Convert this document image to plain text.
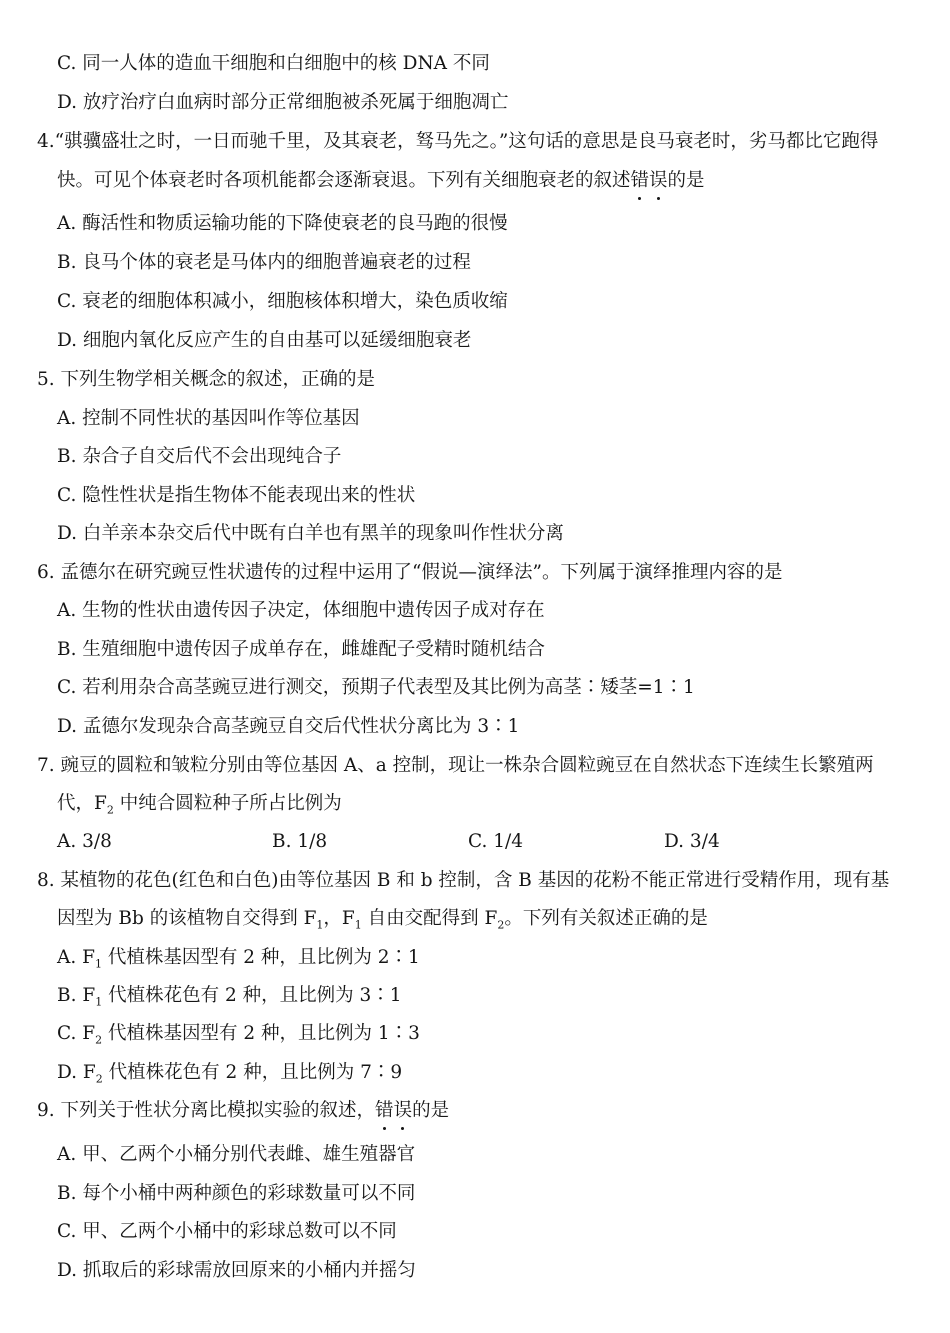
C. 同一人体的造血干细胞和白细胞中的核 DNA 不同
D. 放疗治疗白血病时部分正常细胞被杀死属于细胞凋亡
4.“骐骥盛壮之时，一日而驰千里，及其衰老，驽马先之。”这句话的意思是良马衰老时，劣马都比它跑得
快。可见个体衰老时各项机能都会逐渐衰退。下列有关细胞衰老的叙述错误的是
A. 酶活性和物质运输功能的下降使衰老的良马跑的很慢
B. 良马个体的衰老是马体内的细胞普遍衰老的过程
C. 衰老的细胞体积减小，细胞核体积增大，染色质收缩
D. 细胞内氧化反应产生的自由基可以延缓细胞衰老
5. 下列生物学相关概念的叙述，正确的是
A. 控制不同性状的基因叫作等位基因
B. 杂合子自交后代不会出现纯合子
C. 隐性性状是指生物体不能表现出来的性状
D. 白羊亲本杂交后代中既有白羊也有黑羊的现象叫作性状分离
6. 孟德尔在研究豌豆性状遗传的过程中运用了“假说—演绎法”。下列属于演绎推理内容的是
A. 生物的性状由遗传因子决定，体细胞中遗传因子成对存在
B. 生殖细胞中遗传因子成单存在，雌雄配子受精时随机结合
C. 若利用杂合高茎豌豆进行测交，预期子代表型及其比例为高茎∶矮茎=1∶1
D. 孟德尔发现杂合高茎豌豆自交后代性状分离比为 3∶1
7. 豌豆的圆粒和皱粒分别由等位基因 A、a 控制，现让一株杂合圆粒豌豆在自然状态下连续生长繁殖两
代，$F_2$ 中纯合圆粒种子所占比例为
A. 3/8	B. 1/8	C. 1/4	D. 3/4
8. 某植物的花色(红色和白色)由等位基因 B 和 b 控制，含 B 基因的花粉不能正常进行受精作用，现有基
因型为 Bb 的该植物自交得到 $F_1$，$F_1$ 自由交配得到 $F_2$。下列有关叙述正确的是
A. $F_1$ 代植株基因型有 2 种，且比例为 2∶1
B. $F_1$ 代植株花色有 2 种，且比例为 3∶1
C. $F_2$ 代植株基因型有 2 种，且比例为 1∶3
D. $F_2$ 代植株花色有 2 种，且比例为 7∶9
9. 下列关于性状分离比模拟实验的叙述，错误的是
A. 甲、乙两个小桶分别代表雌、雄生殖器官
B. 每个小桶中两种颜色的彩球数量可以不同
C. 甲、乙两个小桶中的彩球总数可以不同
D. 抓取后的彩球需放回原来的小桶内并摇匀
